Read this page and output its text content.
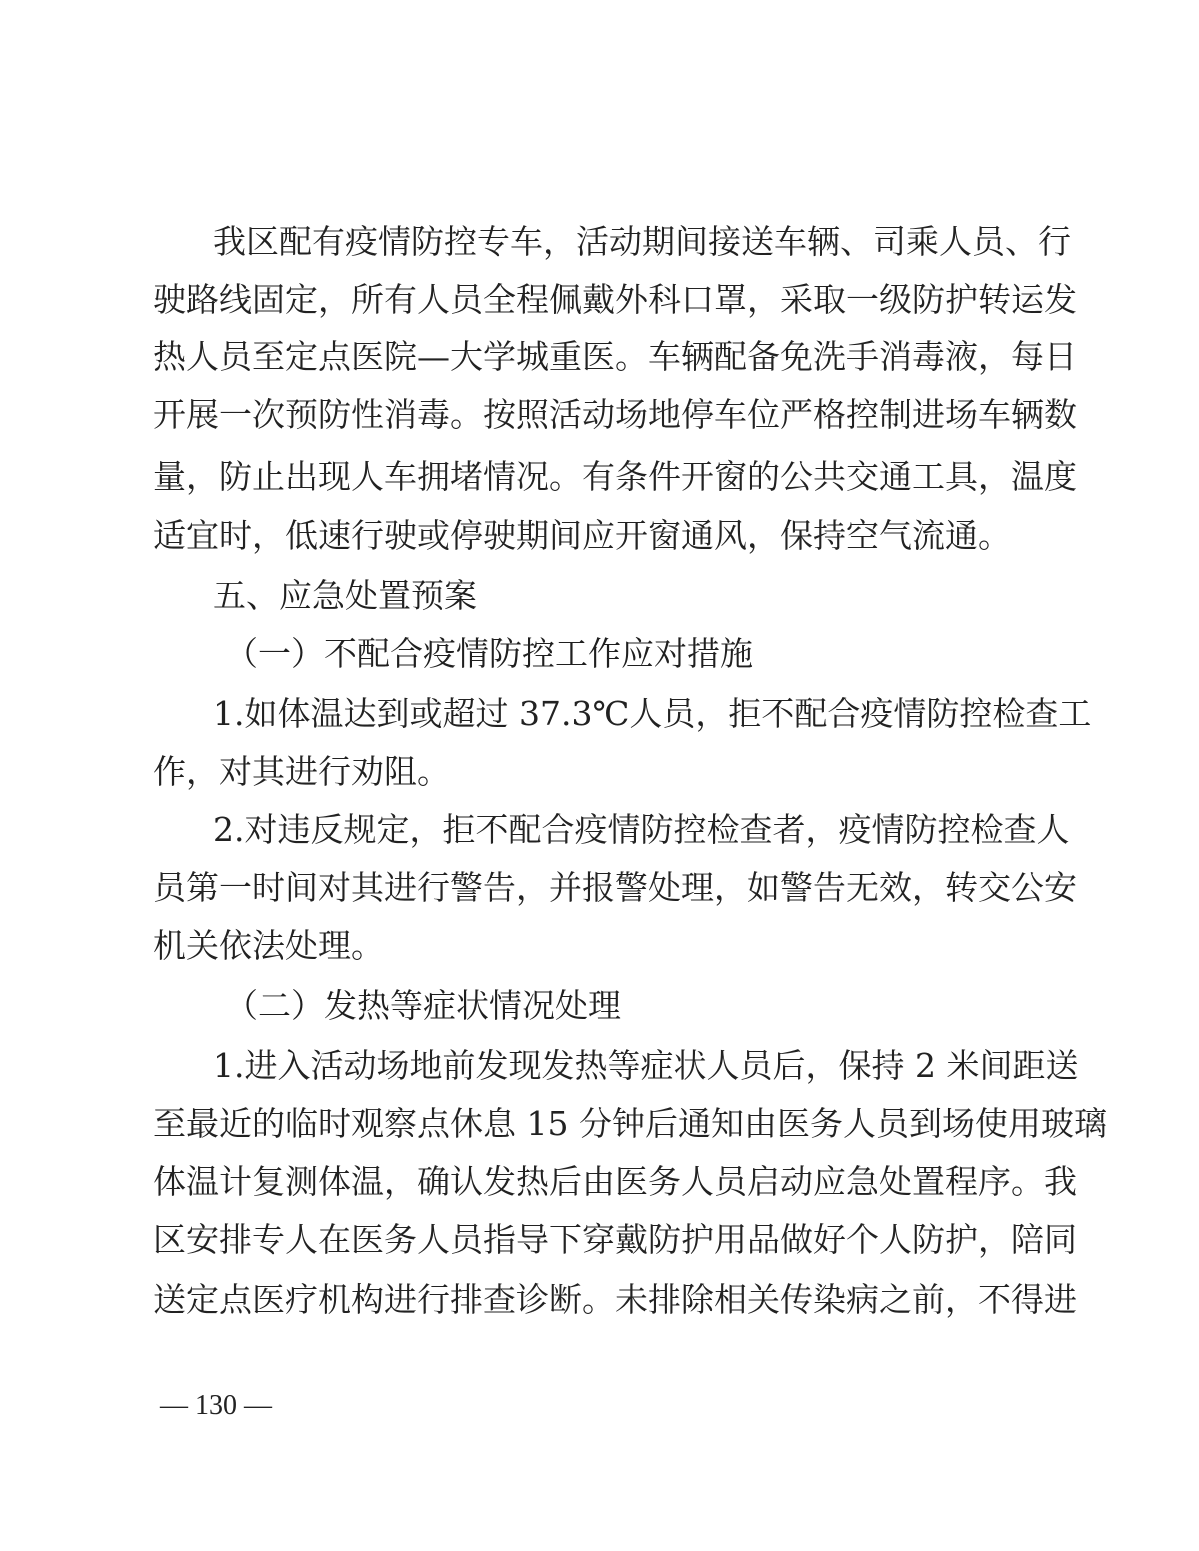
我区配有疫情防控专车，活动期间接送车辆、司乘人员、行
驶路线固定，所有人员全程佩戴外科口罩，采取一级防护转运发
热人员至定点医院—大学城重医。车辆配备免洗手消毒液，每日
开展一次预防性消毒。按照活动场地停车位严格控制进场车辆数
量，防止出现人车拥堵情况。有条件开窗的公共交通工具，温度
适宜时，低速行驶或停驶期间应开窗通风，保持空气流通。
五、应急处置预案
（一）不配合疫情防控工作应对措施
1.如体温达到或超过 37.3℃人员，拒不配合疫情防控检查工
作，对其进行劝阻。
2.对违反规定，拒不配合疫情防控检查者，疫情防控检查人
员第一时间对其进行警告，并报警处理，如警告无效，转交公安
机关依法处理。
（二）发热等症状情况处理
1.进入活动场地前发现发热等症状人员后，保持 2 米间距送
至最近的临时观察点休息 15 分钟后通知由医务人员到场使用玻璃
体温计复测体温，确认发热后由医务人员启动应急处置程序。我
区安排专人在医务人员指导下穿戴防护用品做好个人防护，陪同
送定点医疗机构进行排查诊断。未排除相关传染病之前，不得进
— 130 —
